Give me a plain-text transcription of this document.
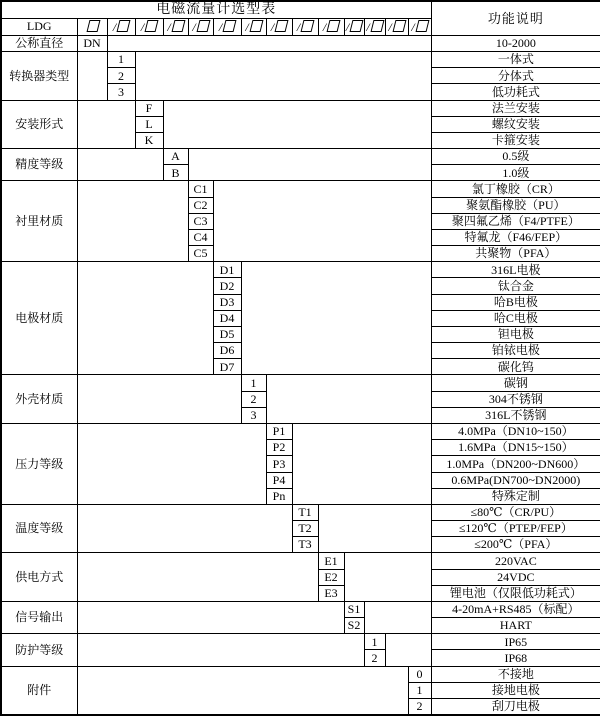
电磁流量计选型表															功能说明
LDG		/	/	/	/	/	/	/	/	/	/	/	/	/	
公称直径	DN														10-2000
转换器类型		1													一体式
		2													分体式
		3													低功耗式
安装形式			F												法兰安装
			L												螺纹安装
			K												卡箍安装
精度等级				A											0.5级
				B											1.0级
衬里材质					C1										氯丁橡胶（CR）
					C2										聚氨酯橡胶（PU）
					C3										聚四氟乙烯（F4/PTFE）
					C4										特氟龙（F46/FEP）
					C5										共聚物（PFA）
电极材质						D1									316L电极
						D2									钛合金
						D3									哈B电极
						D4									哈C电极
						D5									钽电极
						D6									铂铱电极
						D7									碳化钨
外壳材质							1								碳钢
							2								304不锈钢
							3								316L不锈钢
压力等级								P1							4.0MPa（DN10~150）
								P2							1.6MPa（DN15~150）
								P3							1.0MPa（DN200~DN600）
								P4							0.6MPa(DN700~DN2000)
								Pn							特殊定制
温度等级									T1						≤80℃（CR/PU）
									T2						≤120℃（PTEP/FEP）
									T3						≤200℃（PFA）
供电方式										E1					220VAC
										E2					24VDC
										E3					锂电池（仅限低功耗式）
信号输出											S1				4-20mA+RS485（标配）
											S2				HART
防护等级												1			IP65
												2			IP68
附件														0	不接地
														1	接地电极
														2	刮刀电极
